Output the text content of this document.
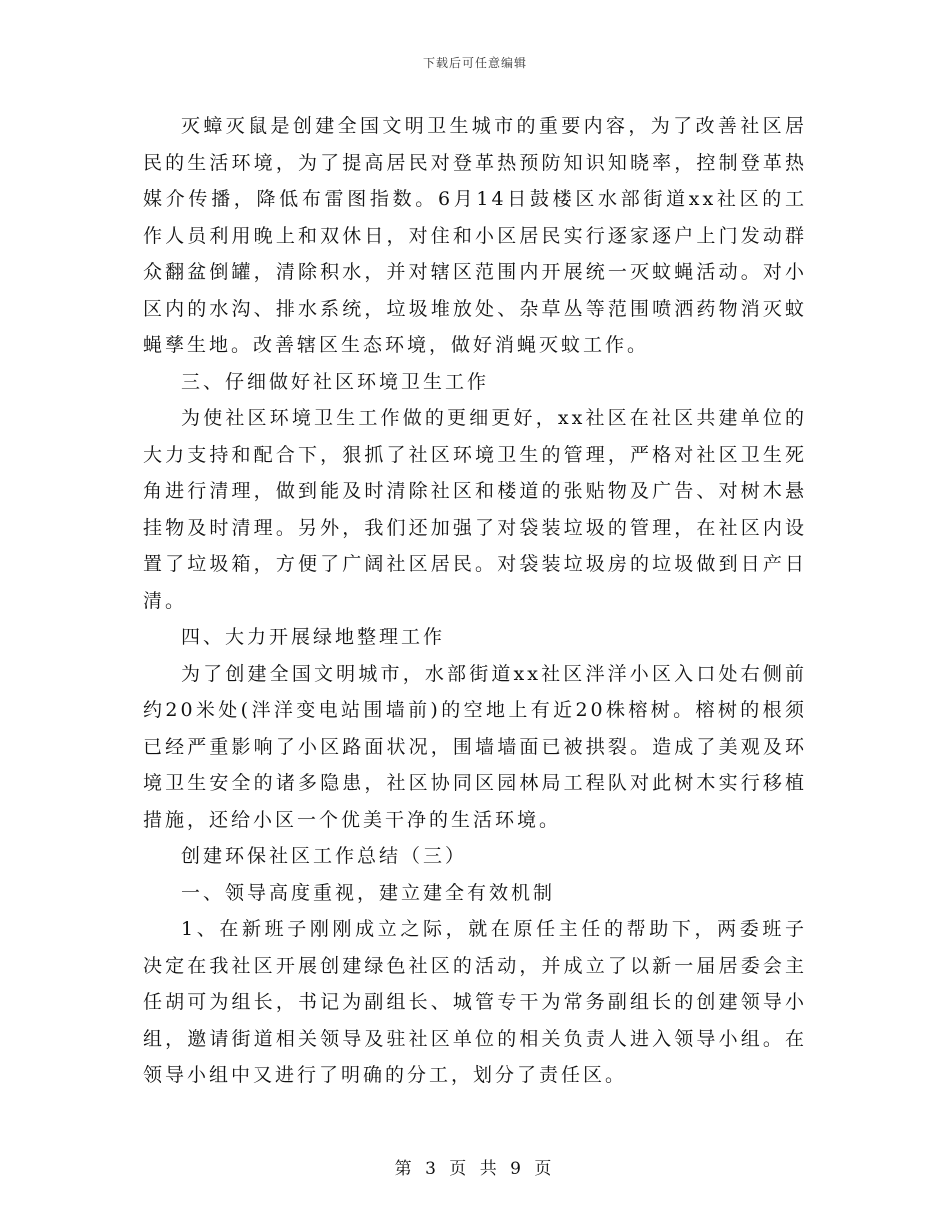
下载后可任意编辑

灭蟑灭鼠是创建全国文明卫生城市的重要内容，为了改善社区居民的生活环境，为了提高居民对登革热预防知识知晓率，控制登革热媒介传播，降低布雷图指数。6月14日鼓楼区水部街道xx社区的工作人员利用晚上和双休日，对住和小区居民实行逐家逐户上门发动群众翻盆倒罐，清除积水，并对辖区范围内开展统一灭蚊蝇活动。对小区内的水沟、排水系统，垃圾堆放处、杂草丛等范围喷洒药物消灭蚊蝇孳生地。改善辖区生态环境，做好消蝇灭蚊工作。

三、仔细做好社区环境卫生工作

为使社区环境卫生工作做的更细更好，xx社区在社区共建单位的大力支持和配合下，狠抓了社区环境卫生的管理，严格对社区卫生死角进行清理，做到能及时清除社区和楼道的张贴物及广告、对树木悬挂物及时清理。另外，我们还加强了对袋装垃圾的管理，在社区内设置了垃圾箱，方便了广阔社区居民。对袋装垃圾房的垃圾做到日产日清。

四、大力开展绿地整理工作

为了创建全国文明城市，水部街道xx社区泮洋小区入口处右侧前约20米处(泮洋变电站围墙前)的空地上有近20株榕树。榕树的根须已经严重影响了小区路面状况，围墙墙面已被拱裂。造成了美观及环境卫生安全的诸多隐患，社区协同区园林局工程队对此树木实行移植措施，还给小区一个优美干净的生活环境。

创建环保社区工作总结（三）

一、领导高度重视，建立建全有效机制

1、在新班子刚刚成立之际，就在原任主任的帮助下，两委班子决定在我社区开展创建绿色社区的活动，并成立了以新一届居委会主任胡可为组长，书记为副组长、城管专干为常务副组长的创建领导小组，邀请街道相关领导及驻社区单位的相关负责人进入领导小组。在领导小组中又进行了明确的分工，划分了责任区。

第 3 页 共 9 页
